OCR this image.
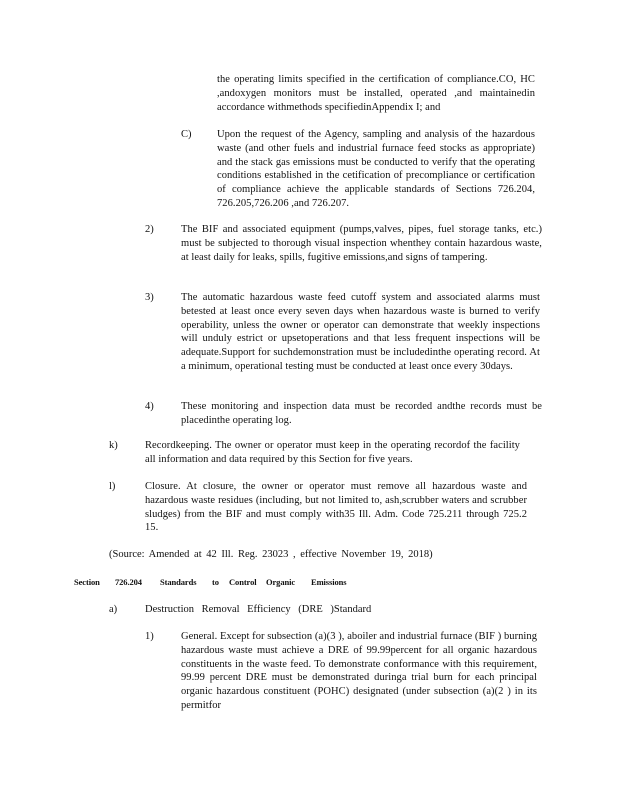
the operating limits specified in the certification of compliance.CO, HC ,andoxygen monitors must be installed, operated ,and maintainedin accordance withmethods specifiedinAppendix I; and
C) Upon the request of the Agency, sampling and analysis of the hazardous waste (and other fuels and industrial furnace feed stocks as appropriate) and the stack gas emissions must be conducted to verify that the operating conditions established in the cetification of precompliance or certification of compliance achieve the applicable standards of Sections 726.204, 726.205,726.206 ,and 726.207.
2)	The BIF and associated equipment (pumps,valves, pipes, fuel storage tanks, etc.) must be subjected to thorough visual inspection whenthey contain hazardous waste, at least daily for leaks, spills, fugitive emissions,and signs of tampering.
3)	The automatic hazardous waste feed cutoff system and associated alarms must betested at least once every seven days when hazardous waste is burned to verify operability, unless the owner or operator can demonstrate that weekly inspections will unduly estrict or upsetoperations and that less frequent inspections will be adequate.Support for suchdemonstration must be includedinthe operating record. At a minimum, operational testing must be conducted at least once every 30days.
4)	These monitoring and inspection data must be recorded andthe records must be placedinthe operating log.
k)	Recordkeeping. The owner or operator must keep in the operating recordof the facility all information and data required by this Section for five years.
l)	Closure. At closure, the owner or operator must remove all hazardous waste and hazardous waste residues (including, but not limited to, ash,scrubber waters and scrubber sludges) from the BIF and must comply with35 Ill. Adm. Code 725.211 through 725.2 15.
(Source: Amended at 42 Ill. Reg. 23023 , effective November 19, 2018)
Section 726.204 Standards to Control Organic Emissions
a)	Destruction Removal Efficiency (DRE )Standard
1)	General. Except for subsection (a)(3 ), aboiler and industrial furnace (BIF ) burning hazardous waste must achieve a DRE of 99.99percent for all organic hazardous constituents in the waste feed. To demonstrate conformance with this requirement, 99.99 percent DRE must be demonstrated duringa trial burn for each principal organic hazardous constituent (POHC) designated (under subsection (a)(2 ) in its permitfor
